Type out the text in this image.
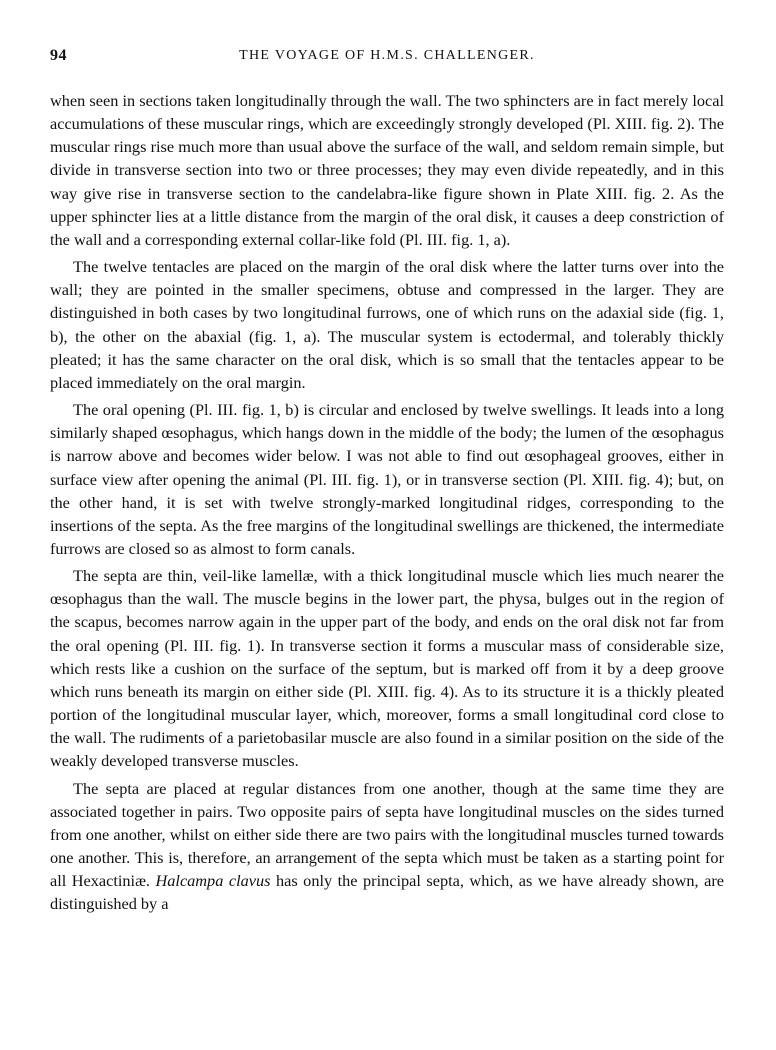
94	THE VOYAGE OF H.M.S. CHALLENGER.

when seen in sections taken longitudinally through the wall. The two sphincters are in fact merely local accumulations of these muscular rings, which are exceedingly strongly developed (Pl. XIII. fig. 2). The muscular rings rise much more than usual above the surface of the wall, and seldom remain simple, but divide in transverse section into two or three processes; they may even divide repeatedly, and in this way give rise in transverse section to the candelabra-like figure shown in Plate XIII. fig. 2. As the upper sphincter lies at a little distance from the margin of the oral disk, it causes a deep constriction of the wall and a corresponding external collar-like fold (Pl. III. fig. 1, a).

The twelve tentacles are placed on the margin of the oral disk where the latter turns over into the wall; they are pointed in the smaller specimens, obtuse and compressed in the larger. They are distinguished in both cases by two longitudinal furrows, one of which runs on the adaxial side (fig. 1, b), the other on the abaxial (fig. 1, a). The muscular system is ectodermal, and tolerably thickly pleated; it has the same character on the oral disk, which is so small that the tentacles appear to be placed immediately on the oral margin.

The oral opening (Pl. III. fig. 1, b) is circular and enclosed by twelve swellings. It leads into a long similarly shaped œsophagus, which hangs down in the middle of the body; the lumen of the œsophagus is narrow above and becomes wider below. I was not able to find out œsophageal grooves, either in surface view after opening the animal (Pl. III. fig. 1), or in transverse section (Pl. XIII. fig. 4); but, on the other hand, it is set with twelve strongly-marked longitudinal ridges, corresponding to the insertions of the septa. As the free margins of the longitudinal swellings are thickened, the intermediate furrows are closed so as almost to form canals.

The septa are thin, veil-like lamellæ, with a thick longitudinal muscle which lies much nearer the œsophagus than the wall. The muscle begins in the lower part, the physa, bulges out in the region of the scapus, becomes narrow again in the upper part of the body, and ends on the oral disk not far from the oral opening (Pl. III. fig. 1). In transverse section it forms a muscular mass of considerable size, which rests like a cushion on the surface of the septum, but is marked off from it by a deep groove which runs beneath its margin on either side (Pl. XIII. fig. 4). As to its structure it is a thickly pleated portion of the longitudinal muscular layer, which, moreover, forms a small longitudinal cord close to the wall. The rudiments of a parietobasilar muscle are also found in a similar position on the side of the weakly developed transverse muscles.

The septa are placed at regular distances from one another, though at the same time they are associated together in pairs. Two opposite pairs of septa have longitudinal muscles on the sides turned from one another, whilst on either side there are two pairs with the longitudinal muscles turned towards one another. This is, therefore, an arrangement of the septa which must be taken as a starting point for all Hexactiniæ. Halcampa clavus has only the principal septa, which, as we have already shown, are distinguished by a
